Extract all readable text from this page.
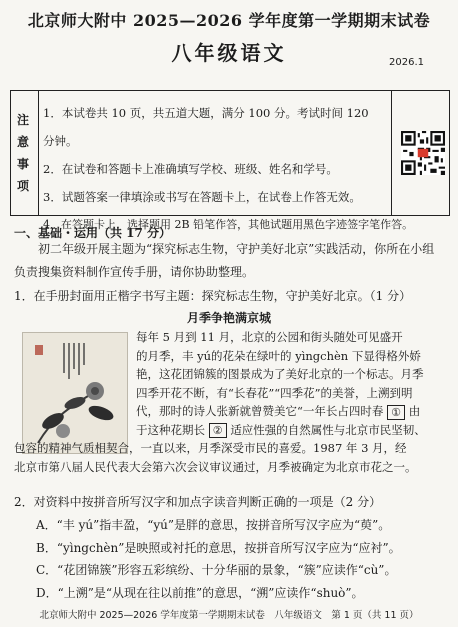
北京师大附中 2025—2026 学年度第一学期期末试卷
八年级语文	2026.1
注
意
事
项
1．本试卷共 10 页，共五道大题，满分 100 分。考试时间 120 分钟。
2．在试卷和答题卡上准确填写学校、班级、姓名和学号。
3．试题答案一律填涂或书写在答题卡上，在试卷上作答无效。
4．在答题卡上，选择题用 2B 铅笔作答，其他试题用黑色字迹签字笔作答。
一、基础・运用（共 17 分）
初二年级开展主题为“探究标志生物，守护美好北京”实践活动，你所在小组负责搜集资料制作宣传手册，请你协助整理。
1．在手册封面用正楷字书写主题：探究标志生物，守护美好北京。（1 分）
月季争艳满京城
每年 5 月到 11 月，北京的公园和街头随处可见盛开
的月季，丰 yú的花朵在绿叶的 yìngchèn 下显得格外娇
艳，这花团锦簇的图景成为了美好北京的一个标志。月季
四季开花不断，有“长春花”“四季花”的美誉，上溯到明
代，那时的诗人张新就曾赞美它“一年长占四时春 ① 由
于这种花期长 ② 适应性强的自然属性与北京市民坚韧、
包容的精神气质相契合，一直以来，月季深受市民的喜爱。1987 年 3 月，经
北京市第八届人民代表大会第六次会议审议通过，月季被确定为北京市花之一。
2．对资料中按拼音所写汉字和加点字读音判断正确的一项是（2 分）
A．“丰 yú”指丰盈，“yú”是胖的意思，按拼音所写汉字应为“萸”。
B．“yìngchèn”是映照或衬托的意思，按拼音所写汉字应为“应衬”。
C．“花团锦簇”形容五彩缤纷、十分华丽的景象，“簇”应读作“cù”。
D．“上溯”是“从现在往以前推”的意思，“溯”应读作“shuò”。
北京师大附中 2025—2026 学年度第一学期期末试卷　八年级语文　第 1 页（共 11 页）
